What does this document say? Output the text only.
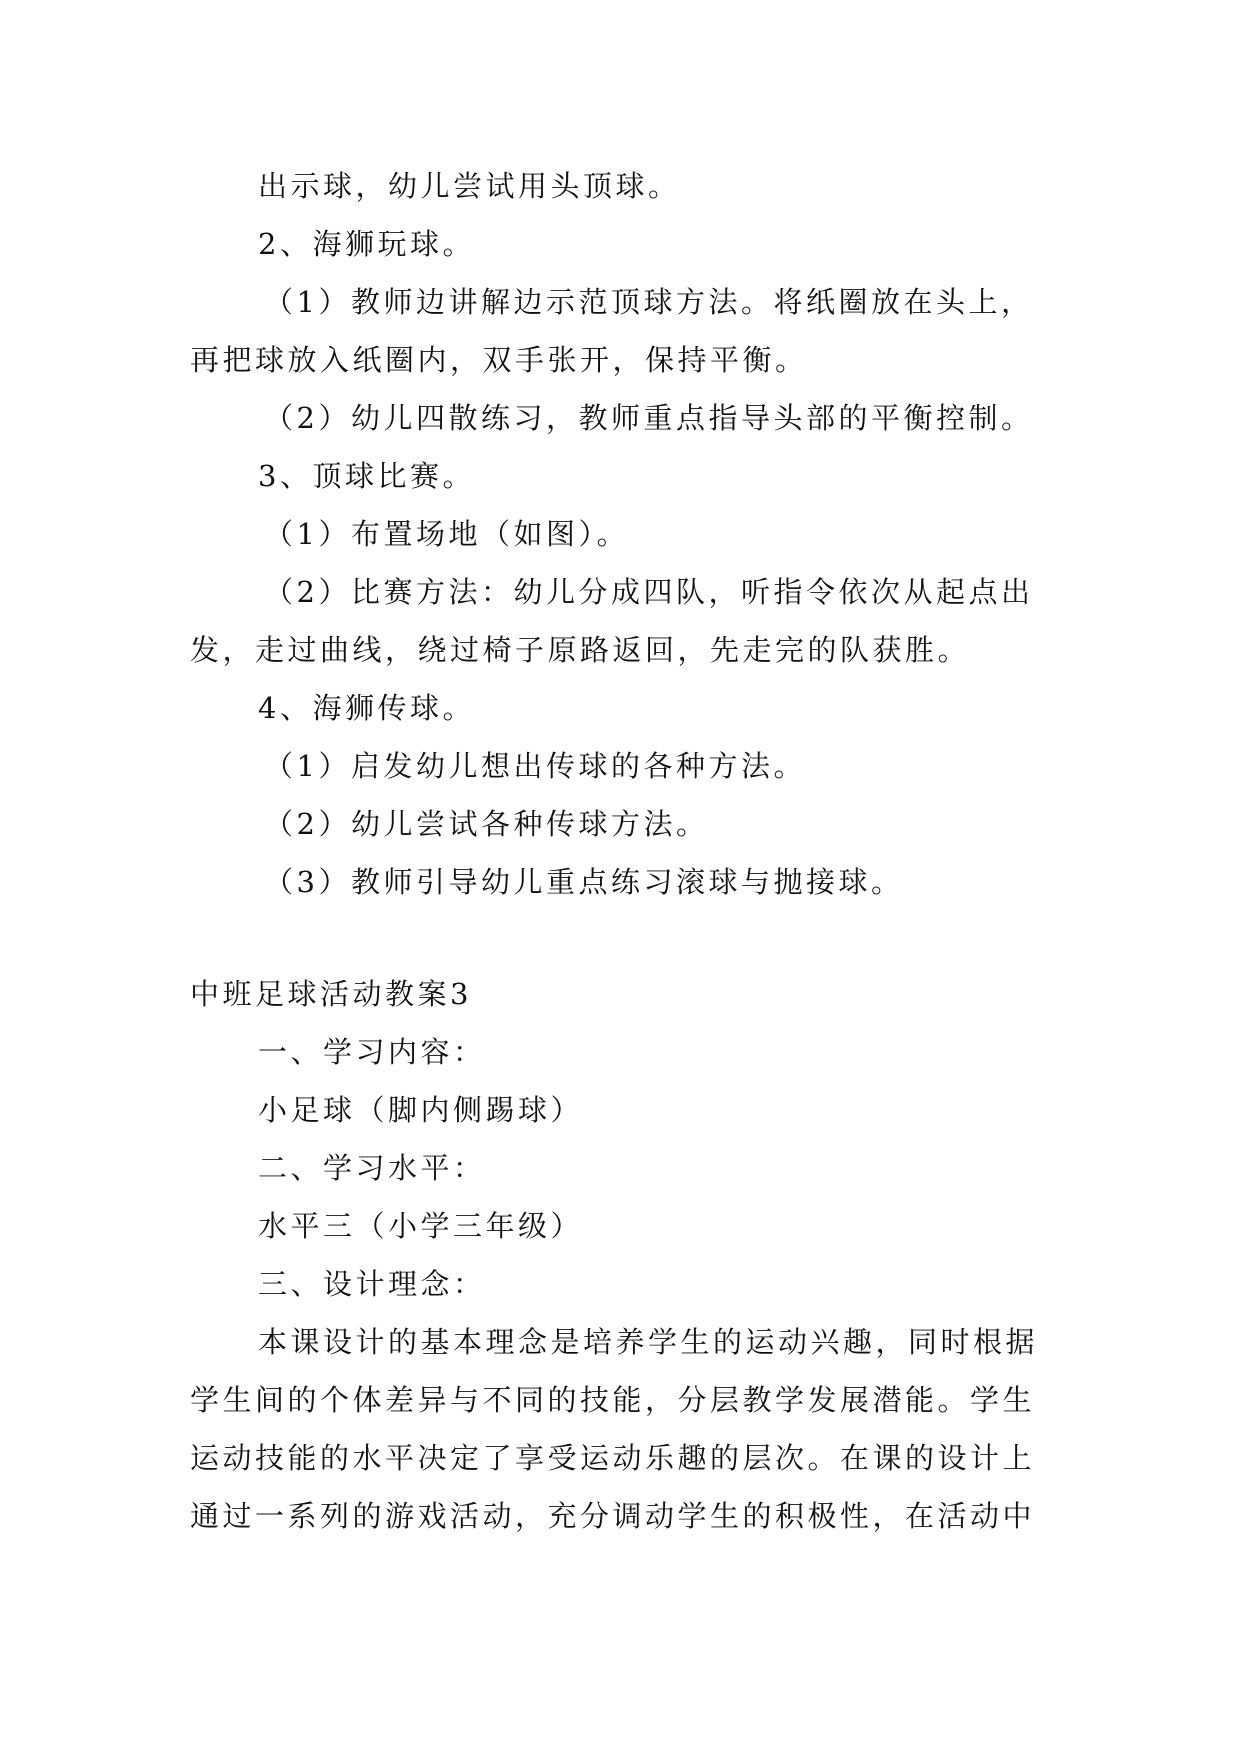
出示球，幼儿尝试用头顶球。
2、海狮玩球。
（1）教师边讲解边示范顶球方法。将纸圈放在头上，
再把球放入纸圈内，双手张开，保持平衡。
（2）幼儿四散练习，教师重点指导头部的平衡控制。
3、顶球比赛。
（1）布置场地（如图）。
（2）比赛方法：幼儿分成四队，听指令依次从起点出
发，走过曲线，绕过椅子原路返回，先走完的队获胜。
4、海狮传球。
（1）启发幼儿想出传球的各种方法。
（2）幼儿尝试各种传球方法。
（3）教师引导幼儿重点练习滚球与抛接球。
中班足球活动教案3
一、学习内容：
小足球（脚内侧踢球）
二、学习水平：
水平三（小学三年级）
三、设计理念：
本课设计的基本理念是培养学生的运动兴趣，同时根据
学生间的个体差异与不同的技能，分层教学发展潜能。学生
运动技能的水平决定了享受运动乐趣的层次。在课的设计上
通过一系列的游戏活动，充分调动学生的积极性，在活动中
